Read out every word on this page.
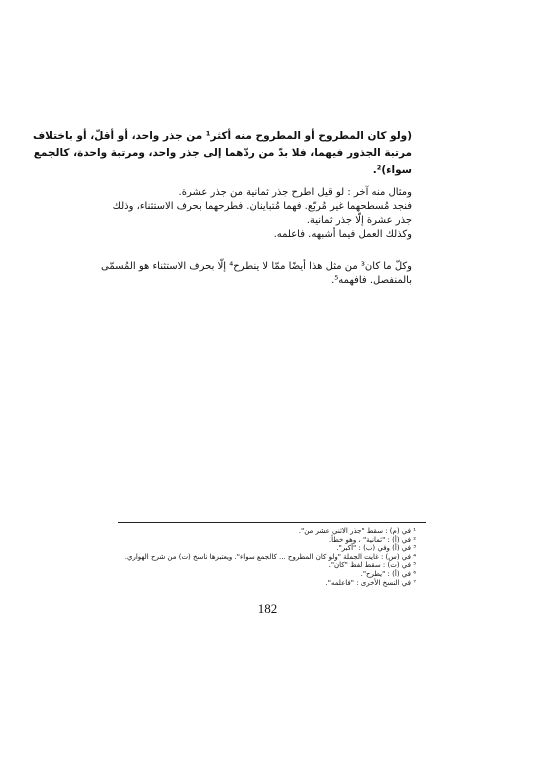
(ولو كان المطروح أو المطروح منه أكثر¹ من جذر واحد، أو أقلّ، أو باختلاف
مرتبة الجذور فيهما، فلا بدّ من ردّهما إلى جذر واحد، ومرتبة واحدة، كالجمع
سواء)².
ومثال منه آخر : لو قيل اطرح جذر ثمانية من جذر عشرة.
فنجد مُسطحهما غير مُربّع. فهما مُتباينان. فطرحهما بحرف الاستثناء، وذلك
جذر عشرة إلّا جذر ثمانية.
وكذلك العمل فيما أشبهه. فاعلمه.
وكلّ ما كان³ من مثل هذا أيضًا ممّا لا ينطرح⁴ إلّا بحرف الاستثناء هو المُسمّى
بالمنفصل. فافهمه⁵.
¹ في (م) : سقط "جذر الاثني عشر من".
² في (أ) : "ثمانية" ، وهو خطأ.
³ في (أ) وفي (ب) : "أكبر".
⁴ في (س) : غايت الجملة "ولو كان المطروح ... كالجمع سواء". ويعتبرها ناسخ (ت) من شرح الهواري.
⁵ في (ت) : سقط لفظ "كان".
⁶ في (أ) : "يطرح".
⁷ في النسخ الأخرى : "فاعلمه".
182
